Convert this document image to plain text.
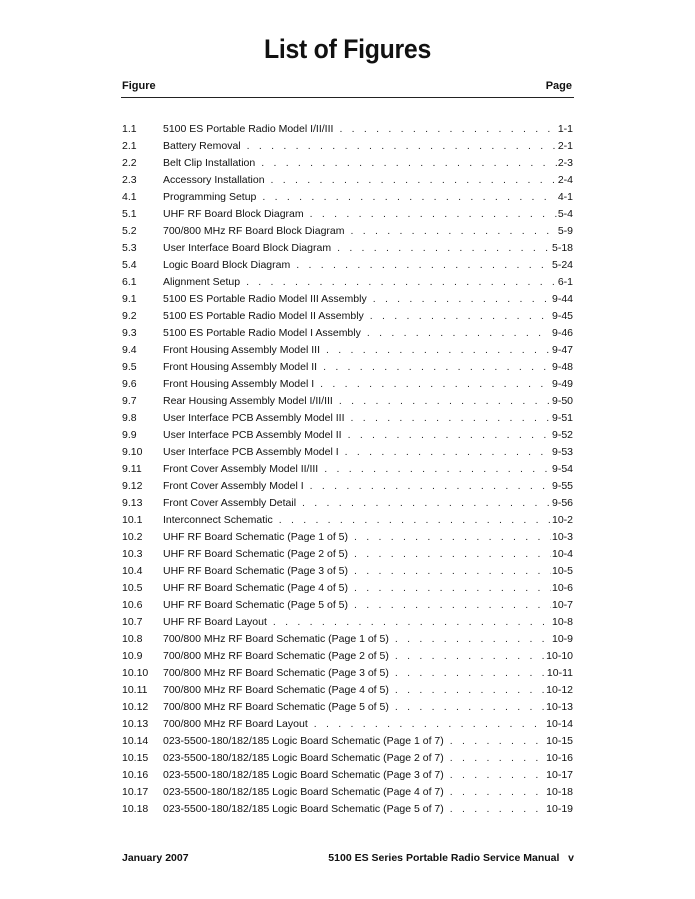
List of Figures
Figure	Page
1.1	5100 ES Portable Radio Model I/II/III . . .	1-1
2.1	Battery Removal . . .	2-1
2.2	Belt Clip Installation . . .	2-3
2.3	Accessory Installation . . .	2-4
4.1	Programming Setup . . .	4-1
5.1	UHF RF Board Block Diagram . . .	5-4
5.2	700/800 MHz RF Board Block Diagram . . .	5-9
5.3	User Interface Board Block Diagram . . .	5-18
5.4	Logic Board Block Diagram . . .	5-24
6.1	Alignment Setup . . .	6-1
9.1	5100 ES Portable Radio Model III Assembly . . .	9-44
9.2	5100 ES Portable Radio Model II Assembly . . .	9-45
9.3	5100 ES Portable Radio Model I Assembly . . .	9-46
9.4	Front Housing Assembly Model III . . .	9-47
9.5	Front Housing Assembly Model II . . .	9-48
9.6	Front Housing Assembly Model I . . .	9-49
9.7	Rear Housing Assembly Model I/II/III . . .	9-50
9.8	User Interface PCB Assembly Model III . . .	9-51
9.9	User Interface PCB Assembly Model II . . .	9-52
9.10	User Interface PCB Assembly Model I . . .	9-53
9.11	Front Cover Assembly Model II/III . . .	9-54
9.12	Front Cover Assembly Model I . . .	9-55
9.13	Front Cover Assembly Detail . . .	9-56
10.1	Interconnect Schematic . . .	10-2
10.2	UHF RF Board Schematic (Page 1 of 5) . . .	10-3
10.3	UHF RF Board Schematic (Page 2 of 5) . . .	10-4
10.4	UHF RF Board Schematic (Page 3 of 5) . . .	10-5
10.5	UHF RF Board Schematic (Page 4 of 5) . . .	10-6
10.6	UHF RF Board Schematic (Page 5 of 5) . . .	10-7
10.7	UHF RF Board Layout . . .	10-8
10.8	700/800 MHz RF Board Schematic (Page 1 of 5) . . .	10-9
10.9	700/800 MHz RF Board Schematic (Page 2 of 5) . . .	10-10
10.10	700/800 MHz RF Board Schematic (Page 3 of 5) . . .	10-11
10.11	700/800 MHz RF Board Schematic (Page 4 of 5) . . .	10-12
10.12	700/800 MHz RF Board Schematic (Page 5 of 5) . . .	10-13
10.13	700/800 MHz RF Board Layout . . .	10-14
10.14	023-5500-180/182/185 Logic Board Schematic (Page 1 of 7) . . .	10-15
10.15	023-5500-180/182/185 Logic Board Schematic (Page 2 of 7) . . .	10-16
10.16	023-5500-180/182/185 Logic Board Schematic (Page 3 of 7) . . .	10-17
10.17	023-5500-180/182/185 Logic Board Schematic (Page 4 of 7) . . .	10-18
10.18	023-5500-180/182/185 Logic Board Schematic (Page 5 of 7) . . .	10-19
January 2007	5100 ES Series Portable Radio Service Manual   v
